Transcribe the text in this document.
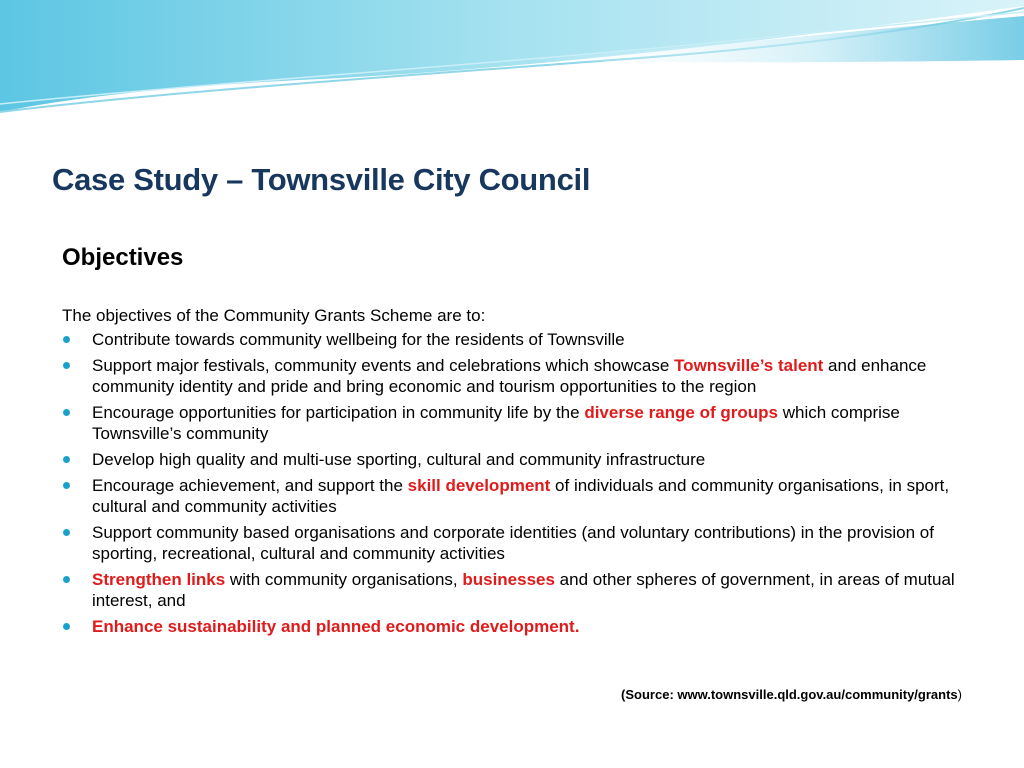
Case Study – Townsville City Council
Objectives

The objectives of the Community Grants Scheme are to:

Contribute towards community wellbeing for the residents of Townsville
Support major festivals, community events and celebrations which showcase Townsville’s talent and enhance community identity and pride and bring economic and tourism opportunities to the region
Encourage opportunities for participation in community life by the diverse range of groups which comprise Townsville’s community
Develop high quality and multi-use sporting, cultural and community infrastructure
Encourage achievement, and support the skill development of individuals and community organisations, in sport, cultural and community activities
Support community based organisations and corporate identities (and voluntary contributions) in the provision of sporting, recreational, cultural and community activities
Strengthen links with community organisations, businesses and other spheres of government, in areas of mutual interest, and
Enhance sustainability and planned economic development.

(Source: www.townsville.qld.gov.au/community/grants)
